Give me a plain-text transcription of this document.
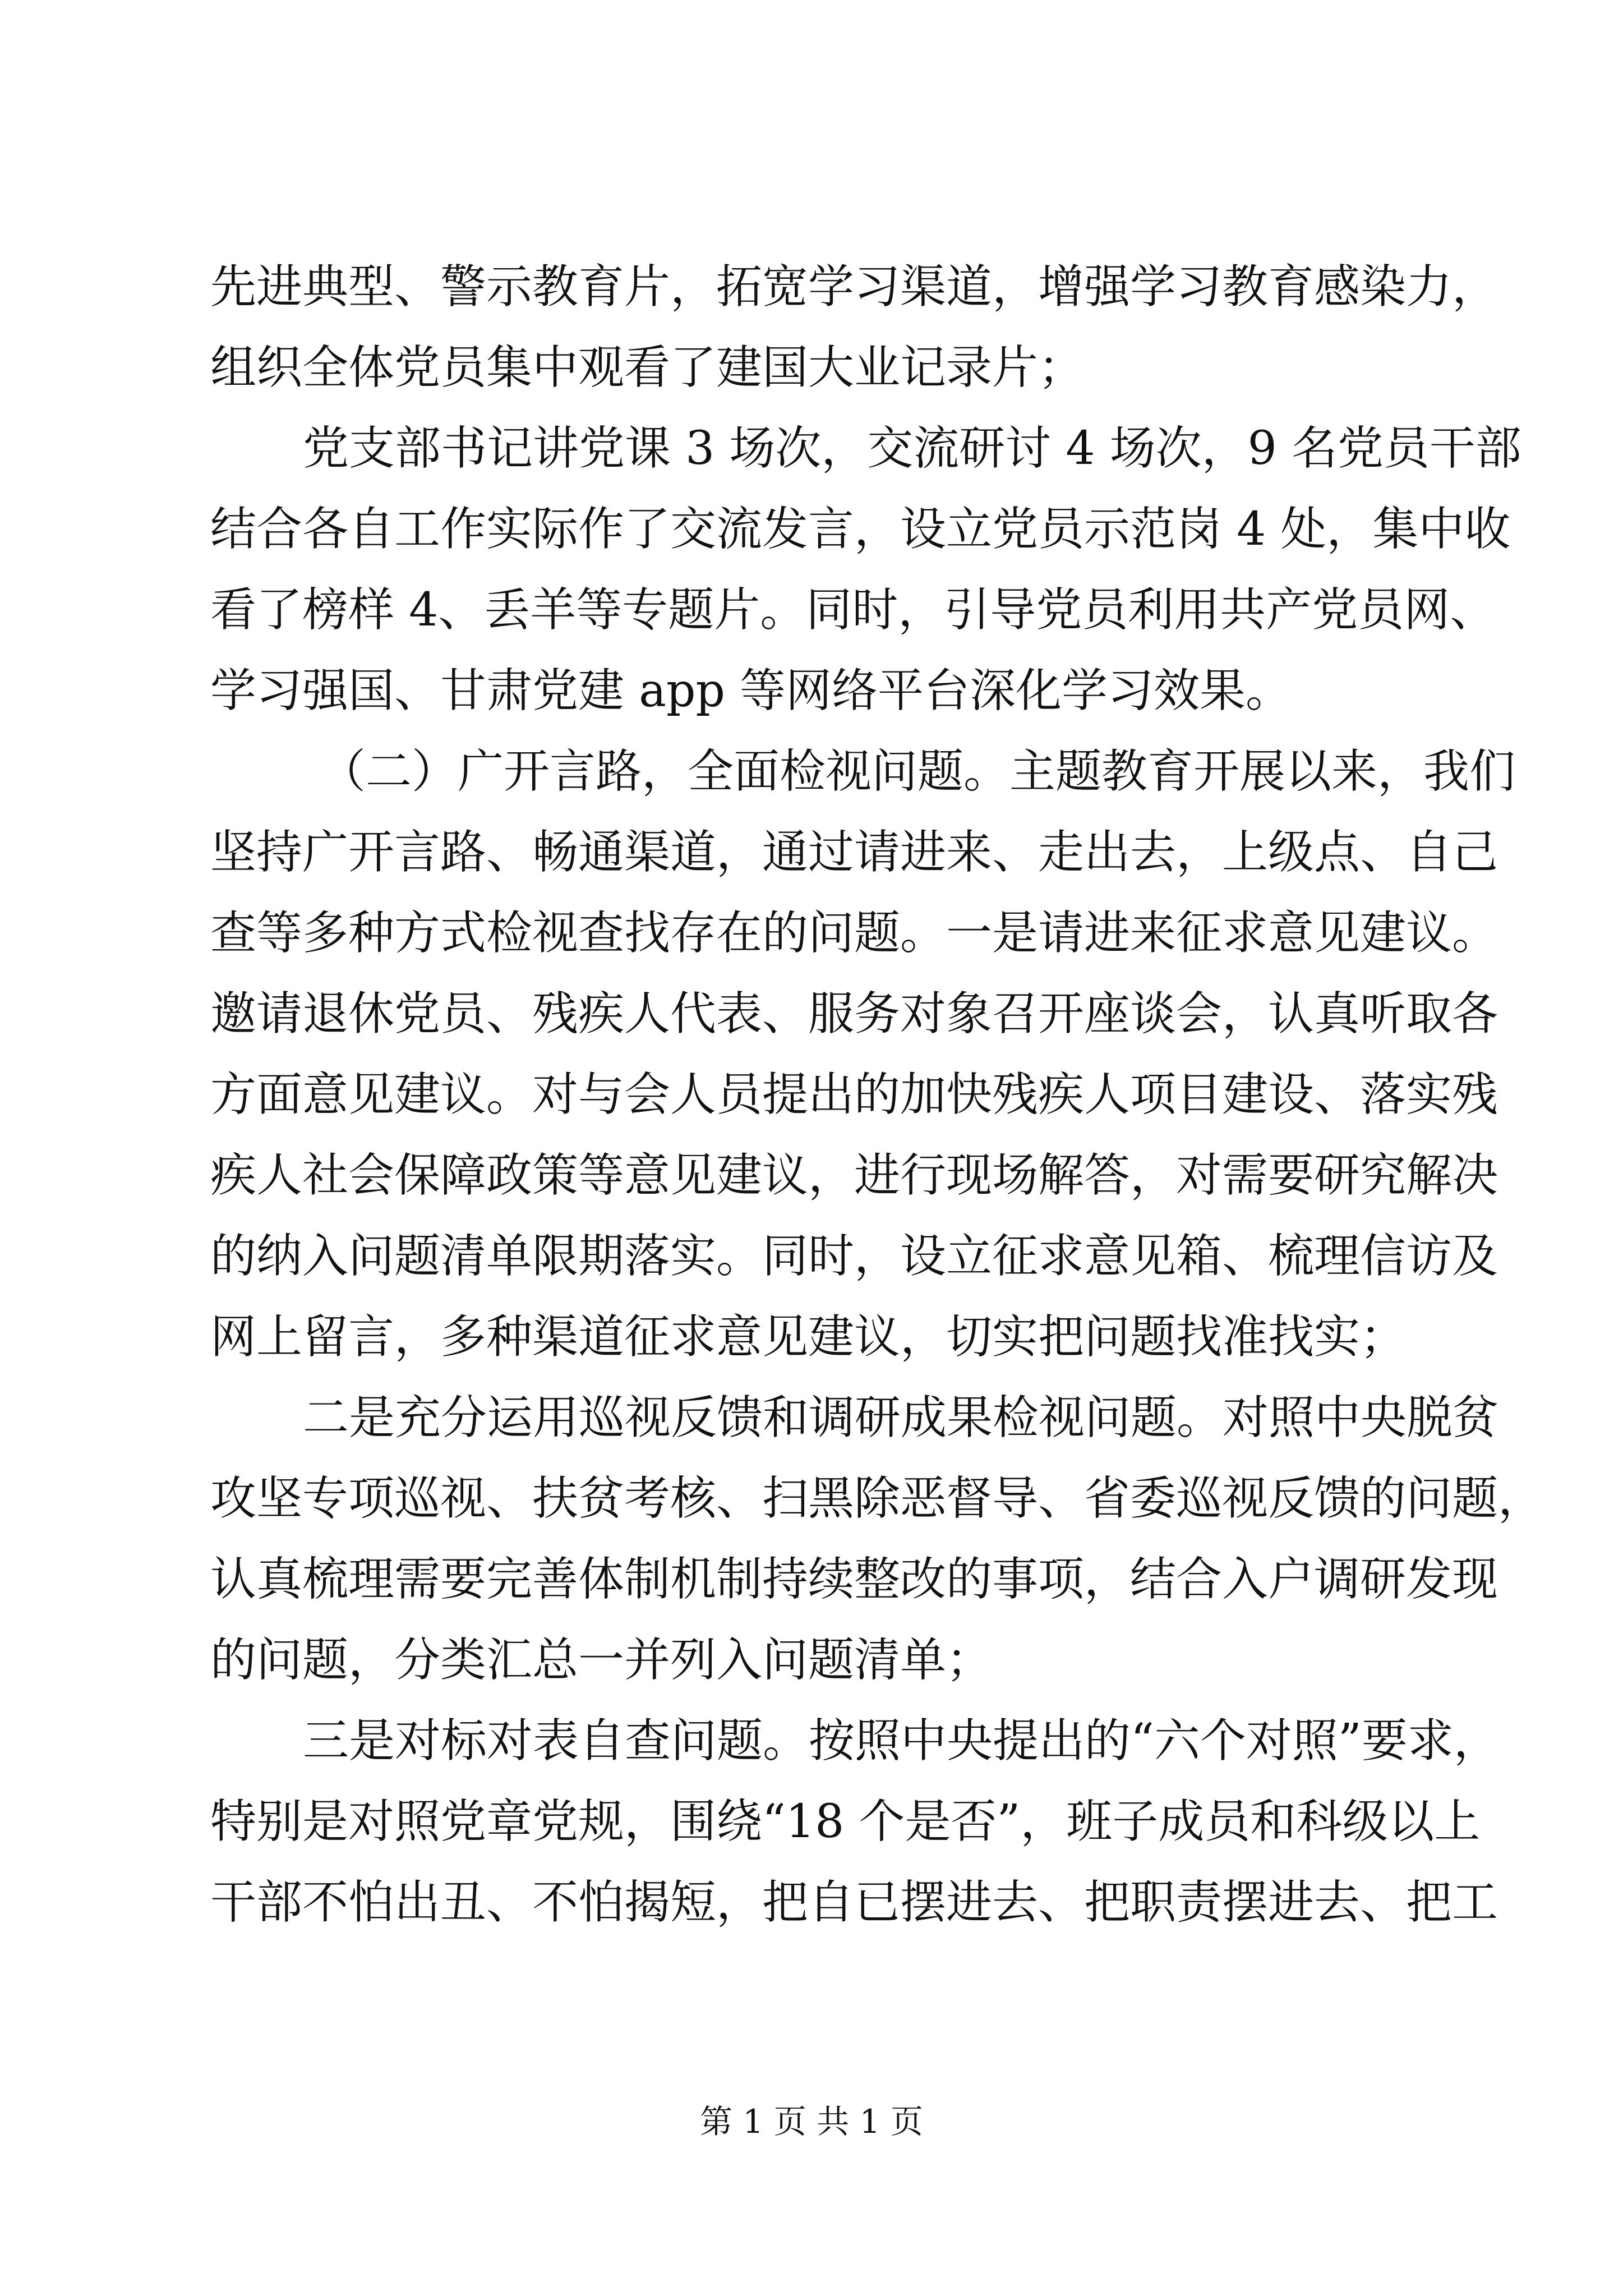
先进典型、警示教育片，拓宽学习渠道，增强学习教育感染力，
组织全体党员集中观看了建国大业记录片；
党支部书记讲党课 3 场次，交流研讨 4 场次，9 名党员干部
结合各自工作实际作了交流发言，设立党员示范岗 4 处，集中收
看了榜样 4、丢羊等专题片。同时，引导党员利用共产党员网、
学习强国、甘肃党建 app 等网络平台深化学习效果。
（二）广开言路，全面检视问题。主题教育开展以来，我们
坚持广开言路、畅通渠道，通过请进来、走出去，上级点、自己
查等多种方式检视查找存在的问题。一是请进来征求意见建议。
邀请退休党员、残疾人代表、服务对象召开座谈会，认真听取各
方面意见建议。对与会人员提出的加快残疾人项目建设、落实残
疾人社会保障政策等意见建议，进行现场解答，对需要研究解决
的纳入问题清单限期落实。同时，设立征求意见箱、梳理信访及
网上留言，多种渠道征求意见建议，切实把问题找准找实；
二是充分运用巡视反馈和调研成果检视问题。对照中央脱贫
攻坚专项巡视、扶贫考核、扫黑除恶督导、省委巡视反馈的问题，
认真梳理需要完善体制机制持续整改的事项，结合入户调研发现
的问题，分类汇总一并列入问题清单；
三是对标对表自查问题。按照中央提出的“六个对照”要求，
特别是对照党章党规，围绕“18 个是否”，班子成员和科级以上
干部不怕出丑、不怕揭短，把自已摆进去、把职责摆进去、把工
第 1 页 共 1 页
